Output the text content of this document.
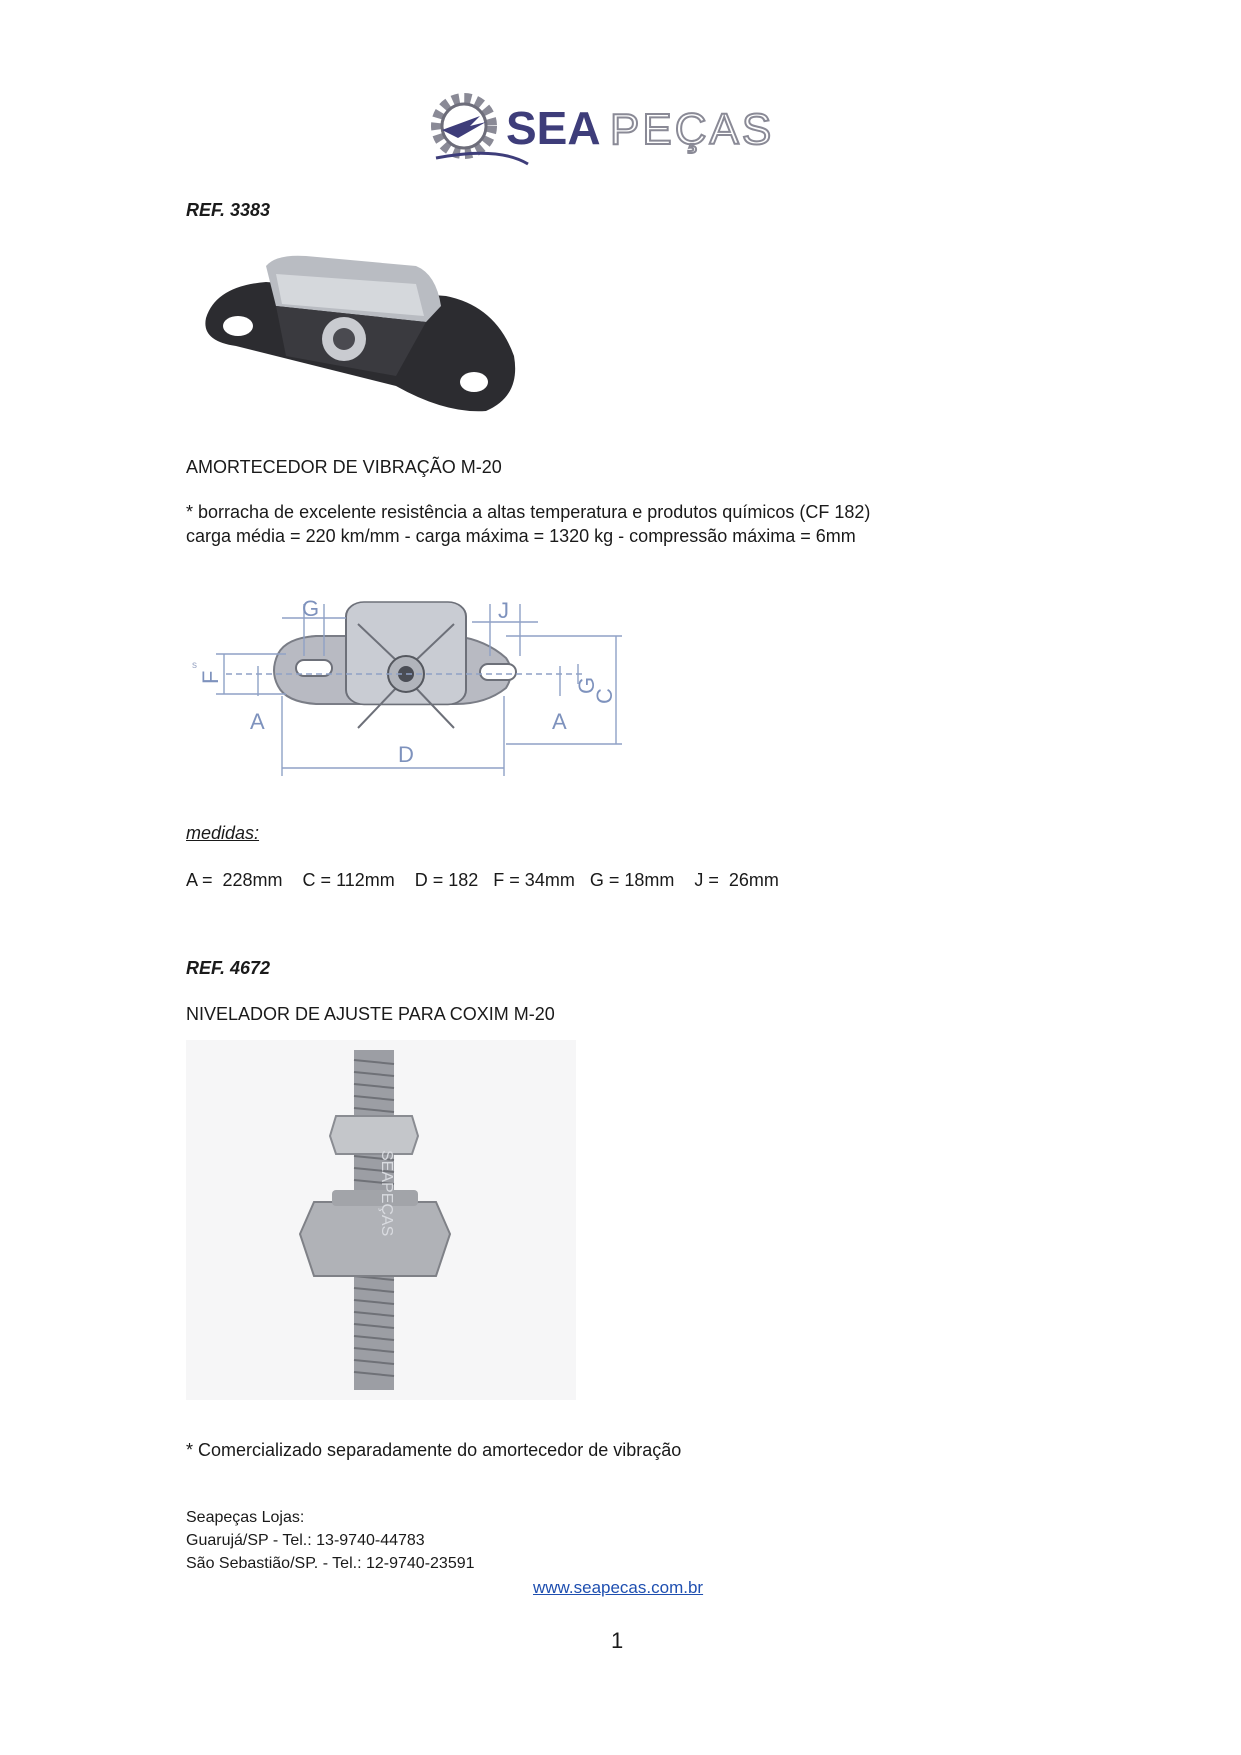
SEA PEÇAS
REF. 3383
AMORTECEDOR DE VIBRAÇÃO M-20
* borracha de excelente resistência a altas temperatura e produtos químicos (CF 182)
carga média = 220 km/mm - carga máxima = 1320 kg - compressão máxima = 6mm
G	J
F
s
A
D
A
G
C
medidas:
A =  228mm    C = 112mm    D = 182   F = 34mm   G = 18mm    J =  26mm
REF. 4672
NIVELADOR DE AJUSTE PARA COXIM M-20
SEAPEÇAS
* Comercializado separadamente do amortecedor de vibração
Seapeças Lojas:
Guarujá/SP - Tel.: 13-9740-44783
São Sebastião/SP. - Tel.: 12-9740-23591
www.seapecas.com.br
1
